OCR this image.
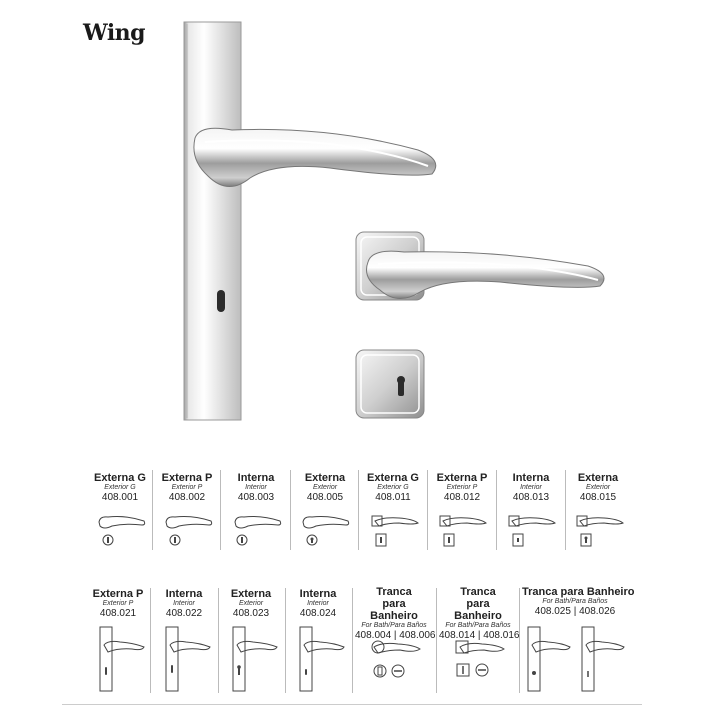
Wing
Externa G
Exterior G
408.001
Externa P
Exterior P
408.002
Interna
Interior
408.003
Externa
Exterior
408.005
Externa G
Exterior G
408.011
Externa P
Exterior P
408.012
Interna
Interior
408.013
Externa
Exterior
408.015
Externa P
Exterior P
408.021
Interna
Interior
408.022
Externa
Exterior
408.023
Interna
Interior
408.024
Tranca para Banheiro
For Bath/Para Baños
408.004 | 408.006
Tranca para Banheiro
For Bath/Para Baños
408.014 | 408.016
Tranca para Banheiro
For Bath/Para Baños
408.025 | 408.026
